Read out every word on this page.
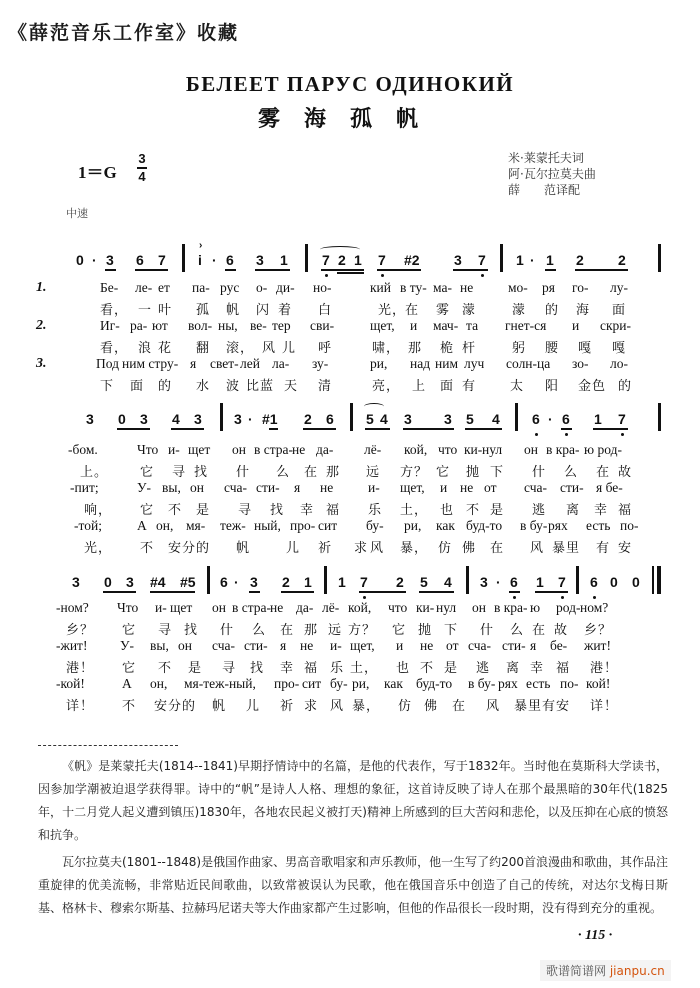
《薛范音乐工作室》收藏
БЕЛЕЕТ ПАРУС ОДИНОКИЙ
雾海孤帆
1＝G
3
4
米·莱蒙托夫词
阿·瓦尔拉莫夫曲
薛　　范译配
中速
0 · 3 6 7 i
›
· 6 3 1 7 2 1 7 #2 3 7 1 · 1 2 2
1.	Бе- ле- ет па- рус о- ди- но-	кий в ту- ма- не	мо- ря го- лу-
看， 一 叶 孤 帆 闪 着 白	光，
在 雾 濛	濛 的 海 面
2.	Иг- ра- ют вол- ны, ве- тер сви-	щет, и мач- та гнет-ся и скри-
看， 浪 花 翻 滚， 风 儿 呼	啸， 那 桅 杆	躬 腰 嘎 嘎
3.	Под ним стру- я свет- лей ла- зу-	ри, над ним луч солн-ца зо- ло-
下 面 的 水 波 比蓝 天 清	亮， 上 面 有	太 阳 金色 的
3 0 3 4 3 3 · #1 2 6 5 4 3 3 5 4 6 · 6 1 7
-бом.	Что и- щет он в стра-
не да- лё- кой, что ки- нул он в кра- ю род-
上。 它 寻 找 什 么 在 那 远 方？ 它 抛 下 什 么 在 故
-пит;	У- вы, он сча- сти- я не	и- щет, и не от сча- сти- я бе-
响， 它 不 是 寻 找 幸 福 乐 土， 也 不 是 逃 离 幸 福
-той;	А он, мя- теж- ный, про- сит бу- ри, как буд-то в бу- рях есть по-
光， 不 安分的 帆	儿 祈 求 风 暴， 仿 佛 在 风 暴里 有 安
3 0 3 #4 #5 6 · 3 2 1 1 7 2 5 4 3 · 6 1 7 6 0 0
-ном? Что и- щет он в стра-
не да- лё- кой, что ки- нул он в кра- ю род- ном?
乡？ 它 寻 找 什 么 在 那 远 方？ 它 抛 下 什 么 在 故 乡？
-жит! У- вы, он сча- сти- я не и- щет, и не от сча- сти- я бе- жит!
港！ 它 不 是 寻 找 幸 福 乐 土， 也 不 是 逃 离 幸 福 港！
-кой!	А он, мя-теж-ный, про- сит бу- ри, как буд-то в бу- рях есть по- кой!
详！ 不 安分的 帆 儿 祈 求 风 暴， 仿 佛 在 风 暴里有安 详！

《帆》是莱蒙托夫(1814--1841)早期抒情诗中的名篇，是他的代表作，写于1832年。当时他在莫斯科大学读书，因参加学潮被迫退学获得罪。诗中的“帆”是诗人人格、理想的象征，这首诗反映了诗人在那个最黑暗的30年代(1825年，十二月党人起义遭到镇压)1830年，各地农民起义被打天)精神上所感到的巨大苦闷和悲伦，以及压抑在心底的愤怒和抗争。

瓦尔拉莫夫(1801--1848)是俄国作曲家、男高音歌唱家和声乐教师，他一生写了约200首浪漫曲和歌曲，其作品注重旋律的优美流畅，非常贴近民间歌曲，以致常被误认为民歌，他在俄国音乐中创造了自己的传统，对达尔戈梅日斯基、格林卡、穆索尔斯基、拉赫玛尼诺夫等大作曲家都产生过影响，但他的作品很长一段时期，没有得到充分的重视。

· 115 ·
歌谱简谱网 jianpu.cn
